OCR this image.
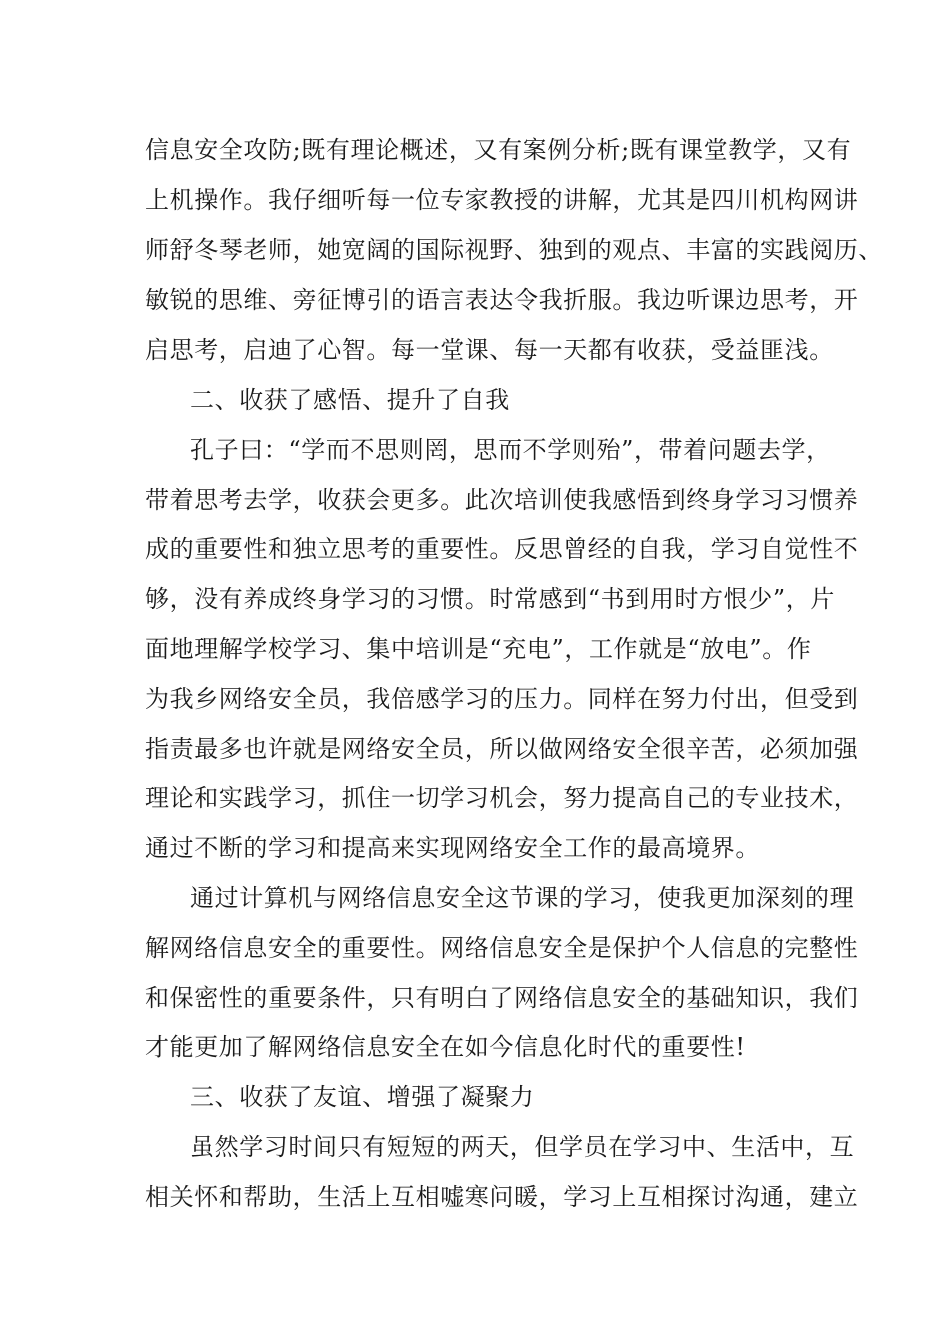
信息安全攻防;既有理论概述，又有案例分析;既有课堂教学，又有

上机操作。我仔细听每一位专家教授的讲解，尤其是四川机构网讲

师舒冬琴老师，她宽阔的国际视野、独到的观点、丰富的实践阅历、

敏锐的思维、旁征博引的语言表达令我折服。我边听课边思考，开

启思考，启迪了心智。每一堂课、每一天都有收获，受益匪浅。

二、收获了感悟、提升了自我

孔子曰：“学而不思则罔，思而不学则殆”，带着问题去学，

带着思考去学，收获会更多。此次培训使我感悟到终身学习习惯养

成的重要性和独立思考的重要性。反思曾经的自我，学习自觉性不

够，没有养成终身学习的习惯。时常感到“书到用时方恨少”，片

面地理解学校学习、集中培训是“充电”，工作就是“放电”。作

为我乡网络安全员，我倍感学习的压力。同样在努力付出，但受到

指责最多也许就是网络安全员，所以做网络安全很辛苦，必须加强

理论和实践学习，抓住一切学习机会，努力提高自己的专业技术，

通过不断的学习和提高来实现网络安全工作的最高境界。

通过计算机与网络信息安全这节课的学习，使我更加深刻的理

解网络信息安全的重要性。网络信息安全是保护个人信息的完整性

和保密性的重要条件，只有明白了网络信息安全的基础知识，我们

才能更加了解网络信息安全在如今信息化时代的重要性!

三、收获了友谊、增强了凝聚力

虽然学习时间只有短短的两天，但学员在学习中、生活中，互

相关怀和帮助，生活上互相嘘寒问暖，学习上互相探讨沟通，建立
